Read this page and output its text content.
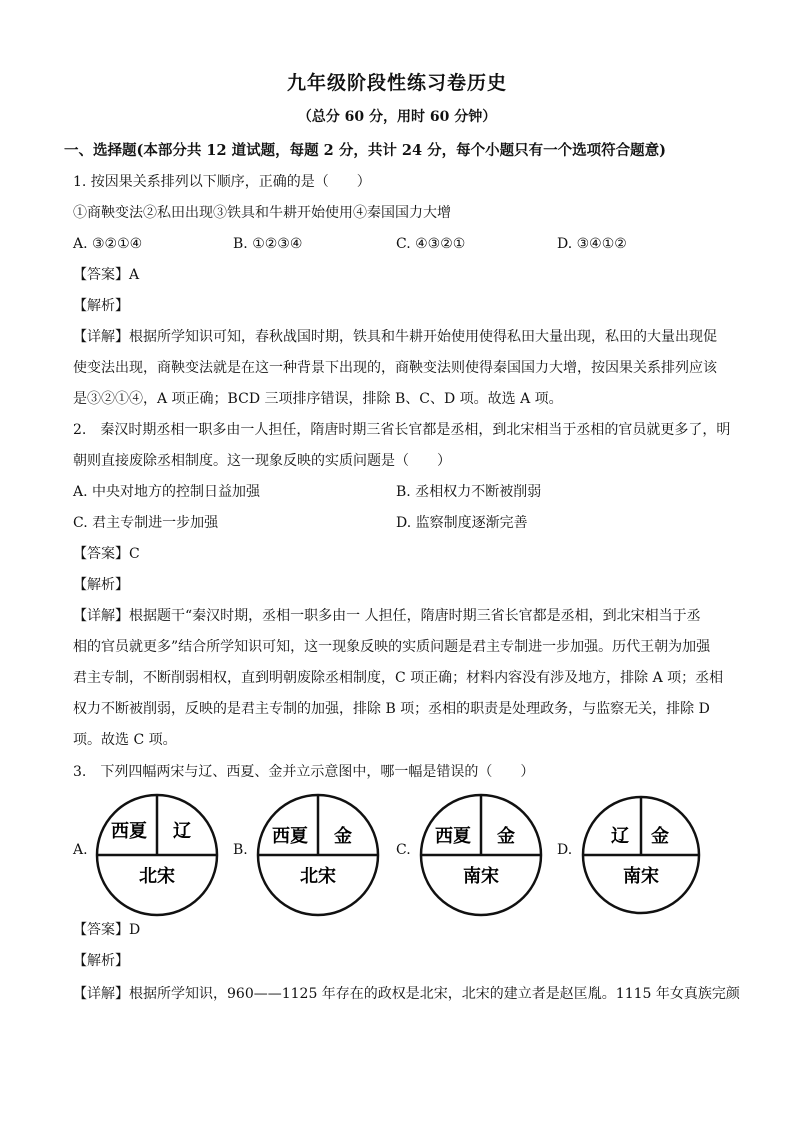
九年级阶段性练习卷历史
（总分 60 分，用时 60 分钟）
一、选择题(本部分共 12 道试题，每题 2 分，共计 24 分，每个小题只有一个选项符合题意)
1. 按因果关系排列以下顺序，正确的是（　　）
①商鞅变法②私田出现③铁具和牛耕开始使用④秦国国力大增
A. ③②①④	B. ①②③④	C. ④③②①	D. ③④①②
【答案】A
【解析】
【详解】根据所学知识可知，春秋战国时期，铁具和牛耕开始使用使得私田大量出现，私田的大量出现促
使变法出现，商鞅变法就是在这一种背景下出现的，商鞅变法则使得秦国国力大增，按因果关系排列应该
是③②①④，A 项正确；BCD 三项排序错误，排除 B、C、D 项。故选 A 项。
2.　秦汉时期丞相一职多由一人担任，隋唐时期三省长官都是丞相，到北宋相当于丞相的官员就更多了，明
朝则直接废除丞相制度。这一现象反映的实质问题是（　　）
A. 中央对地方的控制日益加强	B. 丞相权力不断被削弱
C. 君主专制进一步加强	D. 监察制度逐渐完善
【答案】C
【解析】
【详解】根据题干“秦汉时期，丞相一职多由一 人担任，隋唐时期三省长官都是丞相，到北宋相当于丞
相的官员就更多”结合所学知识可知，这一现象反映的实质问题是君主专制进一步加强。历代王朝为加强
君主专制，不断削弱相权，直到明朝废除丞相制度，C 项正确；材料内容没有涉及地方，排除 A 项；丞相
权力不断被削弱，反映的是君主专制的加强，排除 B 项；丞相的职责是处理政务，与监察无关，排除 D
项。故选 C 项。
3.　下列四幅两宋与辽、西夏、金并立示意图中，哪一幅是错误的（　　）
A.
西夏 辽
北宋
B.
西夏 金
北宋
C.
西夏 金
南宋
D.
辽 金
南宋
【答案】D
【解析】
【详解】根据所学知识，960——1125 年存在的政权是北宋，北宋的建立者是赵匡胤。1115 年女真族完颜
